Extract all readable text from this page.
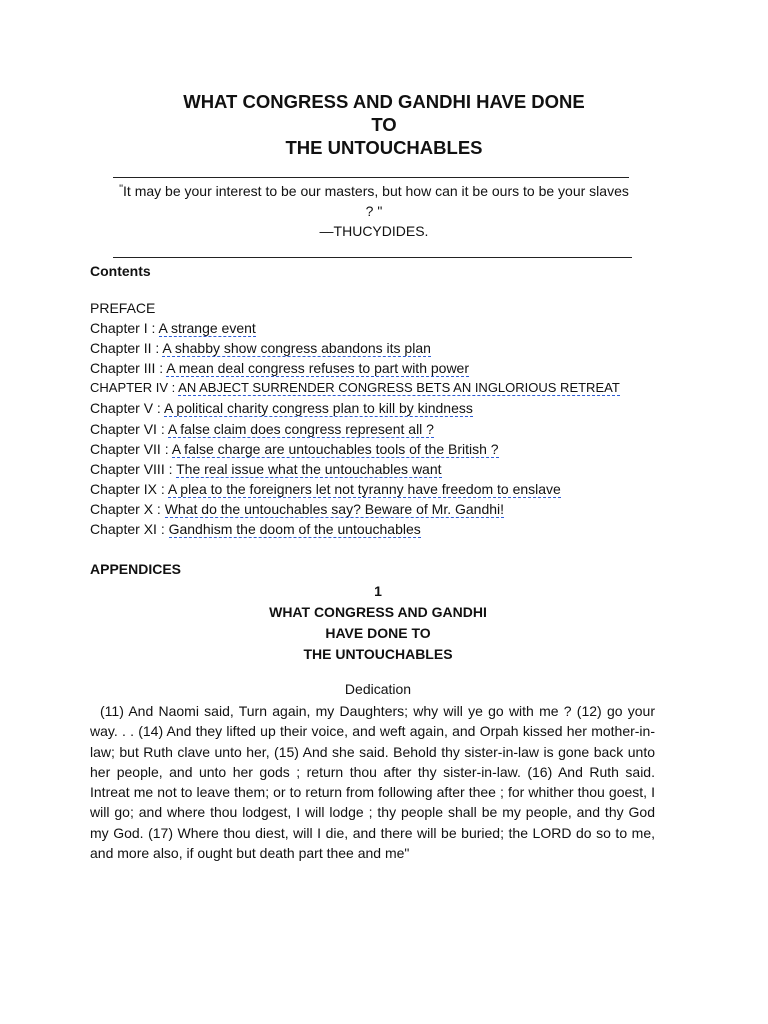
WHAT CONGRESS AND GANDHI HAVE DONE
TO
THE UNTOUCHABLES
"It may be your interest to be our masters, but how can it be ours to be your slaves
? "
—THUCYDIDES.
Contents
PREFACE
Chapter I : A strange event
Chapter II : A shabby show congress abandons its plan
Chapter III : A mean deal congress refuses to part with power
CHAPTER IV : AN ABJECT SURRENDER CONGRESS BETS AN INGLORIOUS RETREAT
Chapter V : A political charity congress plan to kill by kindness
Chapter VI : A false claim does congress represent all ?
Chapter VII : A false charge are untouchables tools of the British ?
Chapter VIII : The real issue what the untouchables want
Chapter IX : A plea to the foreigners let not tyranny have freedom to enslave
Chapter X : What do the untouchables say? Beware of Mr. Gandhi!
Chapter XI : Gandhism the doom of the untouchables
APPENDICES
1
WHAT CONGRESS AND GANDHI
HAVE DONE TO
THE UNTOUCHABLES
Dedication

(11) And Naomi said, Turn again, my Daughters; why will ye go with me ? (12) go your way. . . (14) And they lifted up their voice, and weft again, and Orpah kissed her mother-in-law; but Ruth clave unto her, (15) And she said. Behold thy sister-in-law is gone back unto her people, and unto her gods ; return thou after thy sister-in-law. (16) And Ruth said. Intreat me not to leave them; or to return from following after thee ; for whither thou goest, I will go; and where thou lodgest, I will lodge ; thy people shall be my people, and thy God my God. (17) Where thou diest, will I die, and there will be buried; the LORD do so to me, and more also, if ought but death part thee and me"
